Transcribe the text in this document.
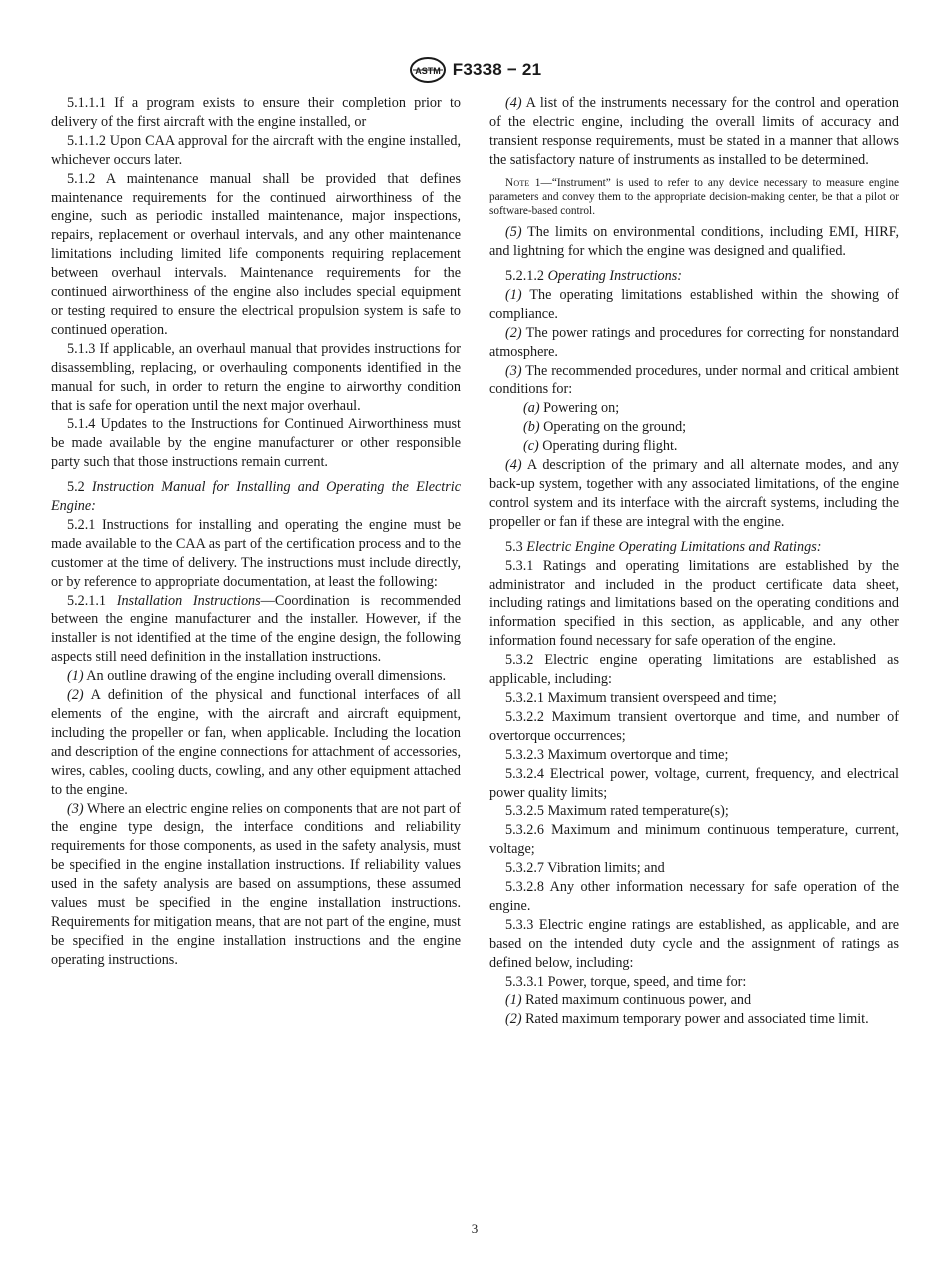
ASTM F3338 − 21

5.1.1.1 If a program exists to ensure their completion prior to delivery of the first aircraft with the engine installed, or

5.1.1.2 Upon CAA approval for the aircraft with the engine installed, whichever occurs later.

5.1.2 A maintenance manual shall be provided that defines maintenance requirements for the continued airworthiness of the engine, such as periodic installed maintenance, major inspections, repairs, replacement or overhaul intervals, and any other maintenance limitations including limited life components requiring replacement between overhaul intervals. Maintenance requirements for the continued airworthiness of the engine also includes special equipment or testing required to ensure the electrical propulsion system is safe to continued operation.

5.1.3 If applicable, an overhaul manual that provides instructions for disassembling, replacing, or overhauling components identified in the manual for such, in order to return the engine to airworthy condition that is safe for operation until the next major overhaul.

5.1.4 Updates to the Instructions for Continued Airworthiness must be made available by the engine manufacturer or other responsible party such that those instructions remain current.

5.2 Instruction Manual for Installing and Operating the Electric Engine:

5.2.1 Instructions for installing and operating the engine must be made available to the CAA as part of the certification process and to the customer at the time of delivery. The instructions must include directly, or by reference to appropriate documentation, at least the following:

5.2.1.1 Installation Instructions—Coordination is recommended between the engine manufacturer and the installer. However, if the installer is not identified at the time of the engine design, the following aspects still need definition in the installation instructions.

(1) An outline drawing of the engine including overall dimensions.

(2) A definition of the physical and functional interfaces of all elements of the engine, with the aircraft and aircraft equipment, including the propeller or fan, when applicable. Including the location and description of the engine connections for attachment of accessories, wires, cables, cooling ducts, cowling, and any other equipment attached to the engine.

(3) Where an electric engine relies on components that are not part of the engine type design, the interface conditions and reliability requirements for those components, as used in the safety analysis, must be specified in the engine installation instructions. If reliability values used in the safety analysis are based on assumptions, these assumed values must be specified in the engine installation instructions. Requirements for mitigation means, that are not part of the engine, must be specified in the engine installation instructions and the engine operating instructions.

(4) A list of the instruments necessary for the control and operation of the electric engine, including the overall limits of accuracy and transient response requirements, must be stated in a manner that allows the satisfactory nature of instruments as installed to be determined.

Note 1—“Instrument” is used to refer to any device necessary to measure engine parameters and convey them to the appropriate decision-making center, be that a pilot or software-based control.

(5) The limits on environmental conditions, including EMI, HIRF, and lightning for which the engine was designed and qualified.

5.2.1.2 Operating Instructions:

(1) The operating limitations established within the showing of compliance.

(2) The power ratings and procedures for correcting for nonstandard atmosphere.

(3) The recommended procedures, under normal and critical ambient conditions for:

(a) Powering on;

(b) Operating on the ground;

(c) Operating during flight.

(4) A description of the primary and all alternate modes, and any back-up system, together with any associated limitations, of the engine control system and its interface with the aircraft systems, including the propeller or fan if these are integral with the engine.

5.3 Electric Engine Operating Limitations and Ratings:

5.3.1 Ratings and operating limitations are established by the administrator and included in the product certificate data sheet, including ratings and limitations based on the operating conditions and information specified in this section, as applicable, and any other information found necessary for safe operation of the engine.

5.3.2 Electric engine operating limitations are established as applicable, including:

5.3.2.1 Maximum transient overspeed and time;

5.3.2.2 Maximum transient overtorque and time, and number of overtorque occurrences;

5.3.2.3 Maximum overtorque and time;

5.3.2.4 Electrical power, voltage, current, frequency, and electrical power quality limits;

5.3.2.5 Maximum rated temperature(s);

5.3.2.6 Maximum and minimum continuous temperature, current, voltage;

5.3.2.7 Vibration limits; and

5.3.2.8 Any other information necessary for safe operation of the engine.

5.3.3 Electric engine ratings are established, as applicable, and are based on the intended duty cycle and the assignment of ratings as defined below, including:

5.3.3.1 Power, torque, speed, and time for:

(1) Rated maximum continuous power, and

(2) Rated maximum temporary power and associated time limit.

3
